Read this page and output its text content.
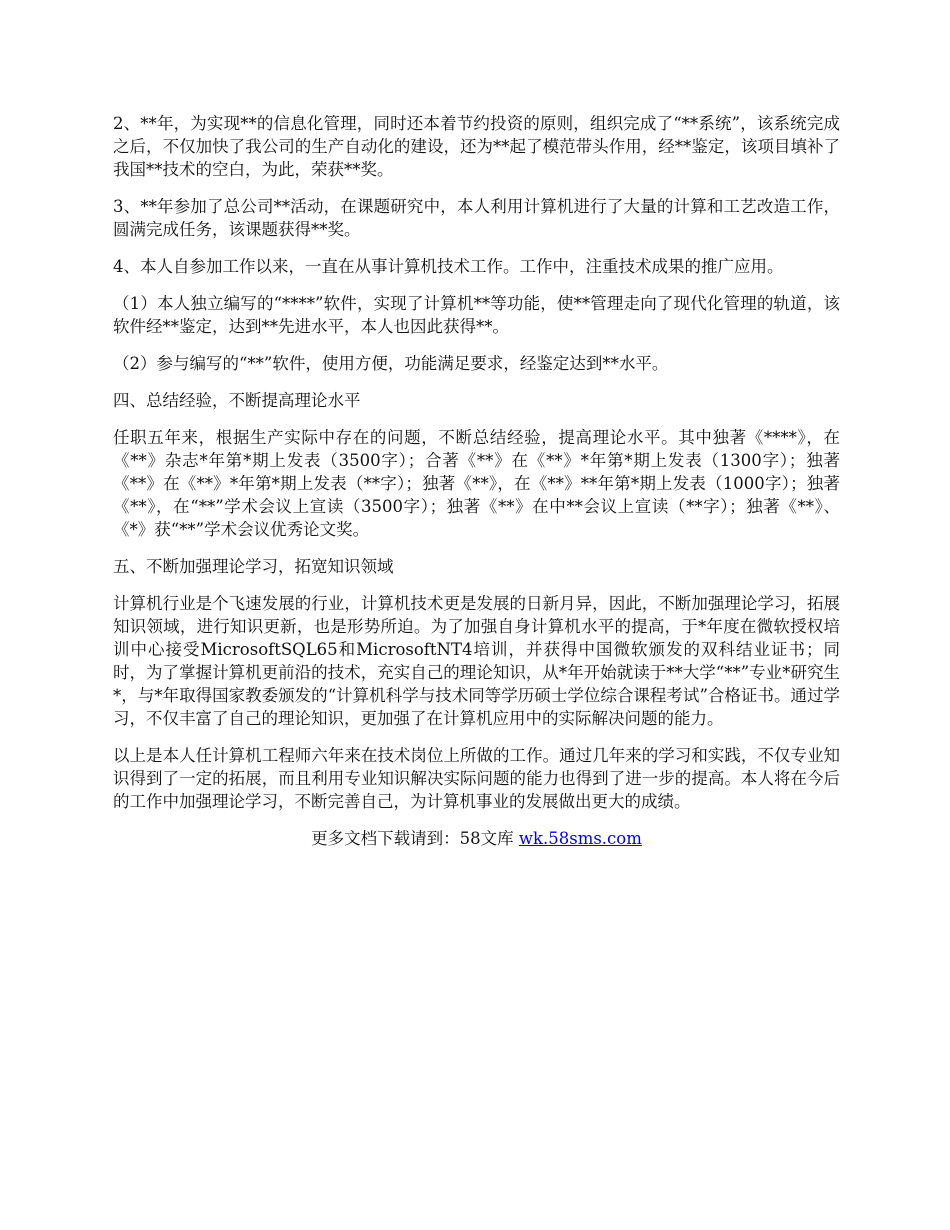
2、**年，为实现**的信息化管理，同时还本着节约投资的原则，组织完成了“**系统”，该系统完成之后，不仅加快了我公司的生产自动化的建设，还为**起了模范带头作用，经**鉴定，该项目填补了我国**技术的空白，为此，荣获**奖。

3、**年参加了总公司**活动，在课题研究中，本人利用计算机进行了大量的计算和工艺改造工作，圆满完成任务，该课题获得**奖。

4、本人自参加工作以来，一直在从事计算机技术工作。工作中，注重技术成果的推广应用。

（1）本人独立编写的“****”软件，实现了计算机**等功能，使**管理走向了现代化管理的轨道，该软件经**鉴定，达到**先进水平，本人也因此获得**。

（2）参与编写的“**”软件，使用方便，功能满足要求，经鉴定达到**水平。

四、总结经验，不断提高理论水平

任职五年来，根据生产实际中存在的问题，不断总结经验，提高理论水平。其中独著《****》，在《**》杂志*年第*期上发表（3500字）；合著《**》在《**》*年第*期上发表（1300字）；独著《**》在《**》*年第*期上发表（**字）；独著《**》，在《**》**年第*期上发表（1000字）；独著《**》，在“**”学术会议上宣读（3500字）；独著《**》在中**会议上宣读（**字）；独著《**》、《*》获“**”学术会议优秀论文奖。

五、不断加强理论学习，拓宽知识领域

计算机行业是个飞速发展的行业，计算机技术更是发展的日新月异，因此，不断加强理论学习，拓展知识领域，进行知识更新，也是形势所迫。为了加强自身计算机水平的提高，于*年度在微软授权培训中心接受MicrosoftSQL65和MicrosoftNT4培训，并获得中国微软颁发的双科结业证书；同时，为了掌握计算机更前沿的技术，充实自己的理论知识，从*年开始就读于**大学“**”专业*研究生*，与*年取得国家教委颁发的“计算机科学与技术同等学历硕士学位综合课程考试”合格证书。通过学习，不仅丰富了自己的理论知识，更加强了在计算机应用中的实际解决问题的能力。

以上是本人任计算机工程师六年来在技术岗位上所做的工作。通过几年来的学习和实践，不仅专业知识得到了一定的拓展，而且利用专业知识解决实际问题的能力也得到了进一步的提高。本人将在今后的工作中加强理论学习，不断完善自己，为计算机事业的发展做出更大的成绩。

更多文档下载请到：58文库 wk.58sms.com
